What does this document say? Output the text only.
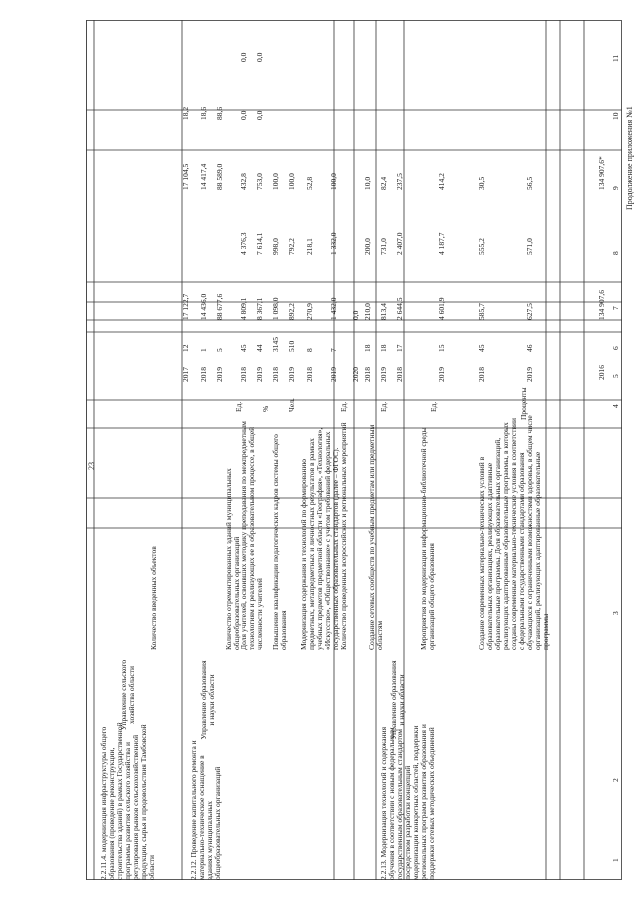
23
Продолжение приложения №1
1
2
3
4
5
6
7
8
9
10
11
2.2.11.4. модернизация инфраструктуры общего образования (проведение реконструкции, строительства зданий) в рамках Государственной программы развития сельского хозяйства и регулирования рынков сельскохозяйственной продукции, сырья и продовольствия Тамбовской области
Управление сельского хозяйства области
Количество введенных объектов
2016
134 907,6
134 907,6*
2.2.12. Проведение капитального ремонта и материально-техническое оснащение в зданиях муниципальных общеобразовательных организаций
Управление образования и науки области
Количество отремонтированных зданий муниципальных общеобразовательных организаций
Ед.
2017
12
17 122,7
17 104,5
18,2
2018
1
14 436,0
14 417,4
18,6
2019
5
88 677,6
88 589,0
88,6
Доля учителей, освоивших методику преподавания по межпредметным технологиям и реализующих ее в образовательном процессе, в общей численности учителей
%
2018
45
4 809,1
4 376,3
432,8
0,0
0,0
2019
44
8 367,1
7 614,1
753,0
0,0
0,0
Повышение квалификации педагогических кадров системы общего образования
Чел.
2018
3145
1 098,0
998,0
100,0
2019
510
892,2
792,2
100,0
2.2.13. Модернизация технологий и содержания обучения в соответствии с новым федеральным государственным образовательным стандартом посредством разработки концепций модернизации конкретных областей, поддержки региональных программ развития образования и поддержки сетевых методических объединений
Управление образования и науки области
Модернизация содержания и технологий по формированию предметных, метапредметных и личностных результатов в рамках учебных предметов предметной области «География», «Технология», «Искусство», «Обществознание» с учетом требований федеральных государственных образовательных стандартов (далее – ФГОС). Количество проведенных всероссийских и региональных мероприятий
Ед.
2018
8
270,9
218,1
52,8
2019
7
1 432,0
1 332,0
100,0
2020
0,0
Создание сетевых сообществ по учебным предметам или предметным областям
Ед.
2018
18
210,0
200,0
10,0
2019
18
813,4
731,0
82,4
2018
17
2 644,5
2 407,0
237,5
Мероприятия по модернизации информационно-библиотечной среды организаций общего образования
Ед.
2019
15
4 601,9
4 187,7
414,2
Создание современных материально-технических условий в образовательных организациях, реализующих адаптивные образовательные программы. Доля образовательных организаций, реализующих адаптированные образовательные программы, в которых созданы современные материально-технические условия в соответствии с федеральными государственными стандартами образования обучающихся с ограниченными возможностями здоровья, в общем числе организаций, реализующих адаптированные образовательные программы
Проценты
2018
45
585,7
555,2
30,5
2019
46
627,5
571,0
56,5
